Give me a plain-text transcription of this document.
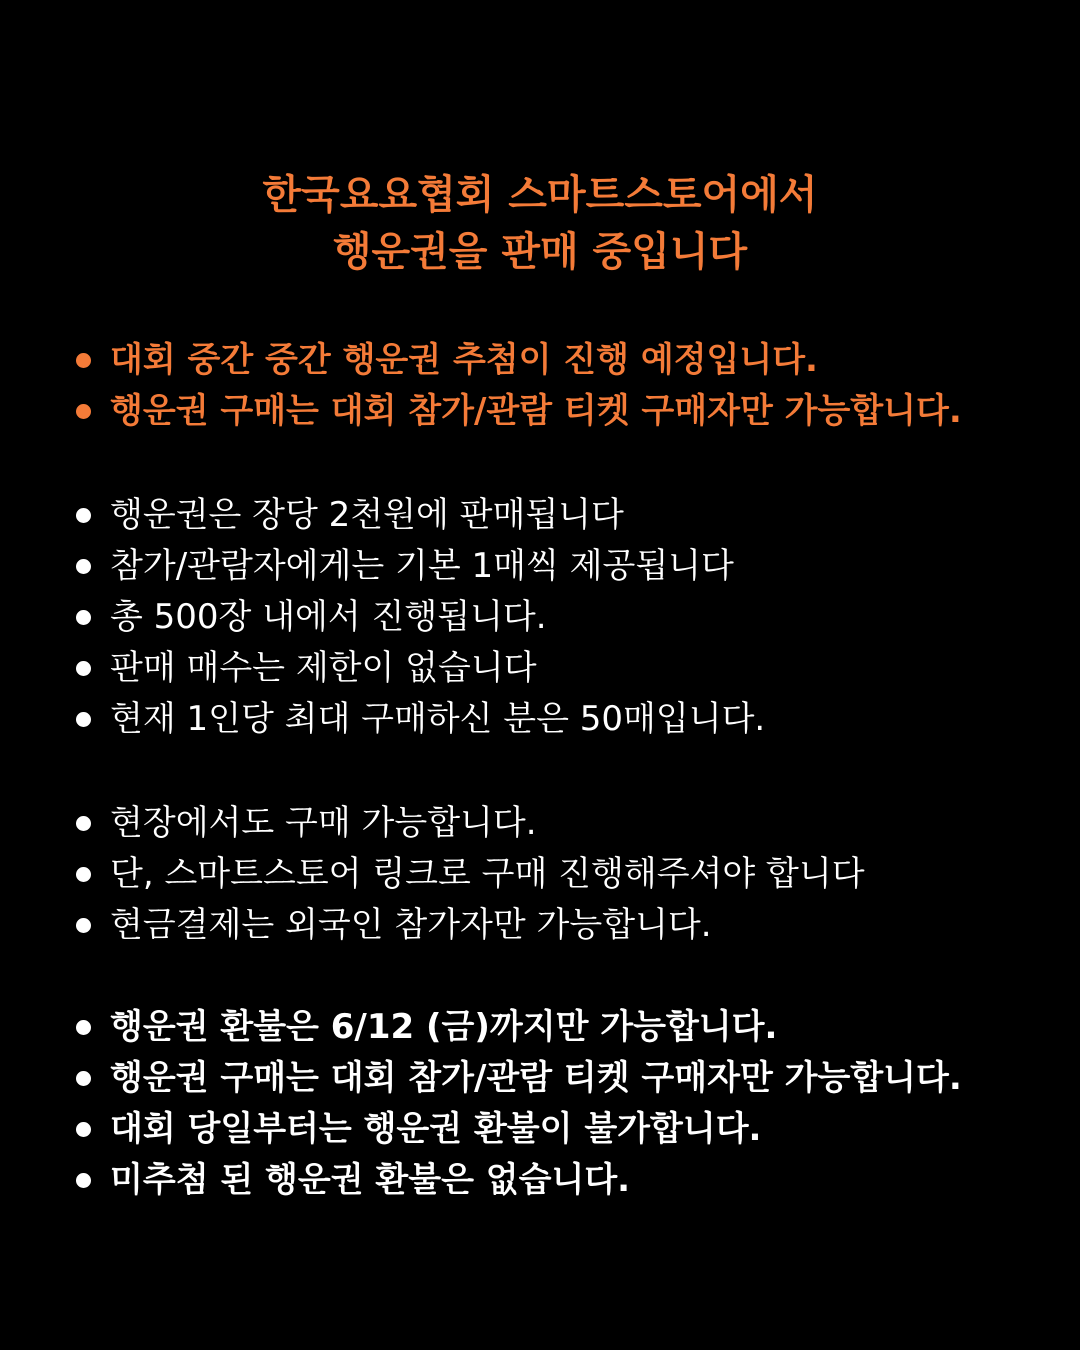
한국요요협회 스마트스토어에서
행운권을 판매 중입니다
대회 중간 중간 행운권 추첨이 진행 예정입니다.
행운권 구매는 대회 참가/관람 티켓 구매자만 가능합니다.
행운권은 장당 2천원에 판매됩니다
참가/관람자에게는 기본 1매씩 제공됩니다
총 500장 내에서 진행됩니다.
판매 매수는 제한이 없습니다
현재 1인당 최대 구매하신 분은 50매입니다.
현장에서도 구매 가능합니다.
단, 스마트스토어 링크로 구매 진행해주셔야 합니다
현금결제는 외국인 참가자만 가능합니다.
행운권 환불은 6/12 (금)까지만 가능합니다.
행운권 구매는 대회 참가/관람 티켓 구매자만 가능합니다.
대회 당일부터는 행운권 환불이 불가합니다.
미추첨 된 행운권 환불은 없습니다.
